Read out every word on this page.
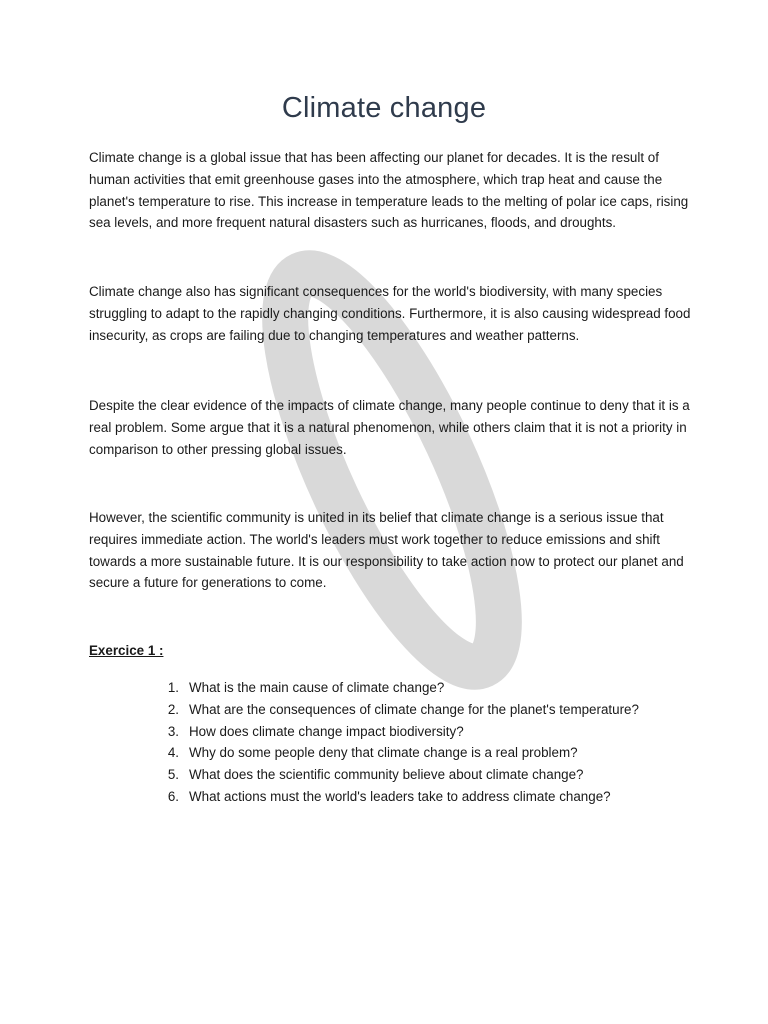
Climate change

Climate change is a global issue that has been affecting our planet for decades. It is the result of human activities that emit greenhouse gases into the atmosphere, which trap heat and cause the planet's temperature to rise. This increase in temperature leads to the melting of polar ice caps, rising sea levels, and more frequent natural disasters such as hurricanes, floods, and droughts.

Climate change also has significant consequences for the world's biodiversity, with many species struggling to adapt to the rapidly changing conditions. Furthermore, it is also causing widespread food insecurity, as crops are failing due to changing temperatures and weather patterns.

Despite the clear evidence of the impacts of climate change, many people continue to deny that it is a real problem. Some argue that it is a natural phenomenon, while others claim that it is not a priority in comparison to other pressing global issues.

However, the scientific community is united in its belief that climate change is a serious issue that requires immediate action. The world's leaders must work together to reduce emissions and shift towards a more sustainable future. It is our responsibility to take action now to protect our planet and secure a future for generations to come.

Exercice 1 :
1. What is the main cause of climate change?
2. What are the consequences of climate change for the planet's temperature?
3. How does climate change impact biodiversity?
4. Why do some people deny that climate change is a real problem?
5. What does the scientific community believe about climate change?
6. What actions must the world's leaders take to address climate change?
